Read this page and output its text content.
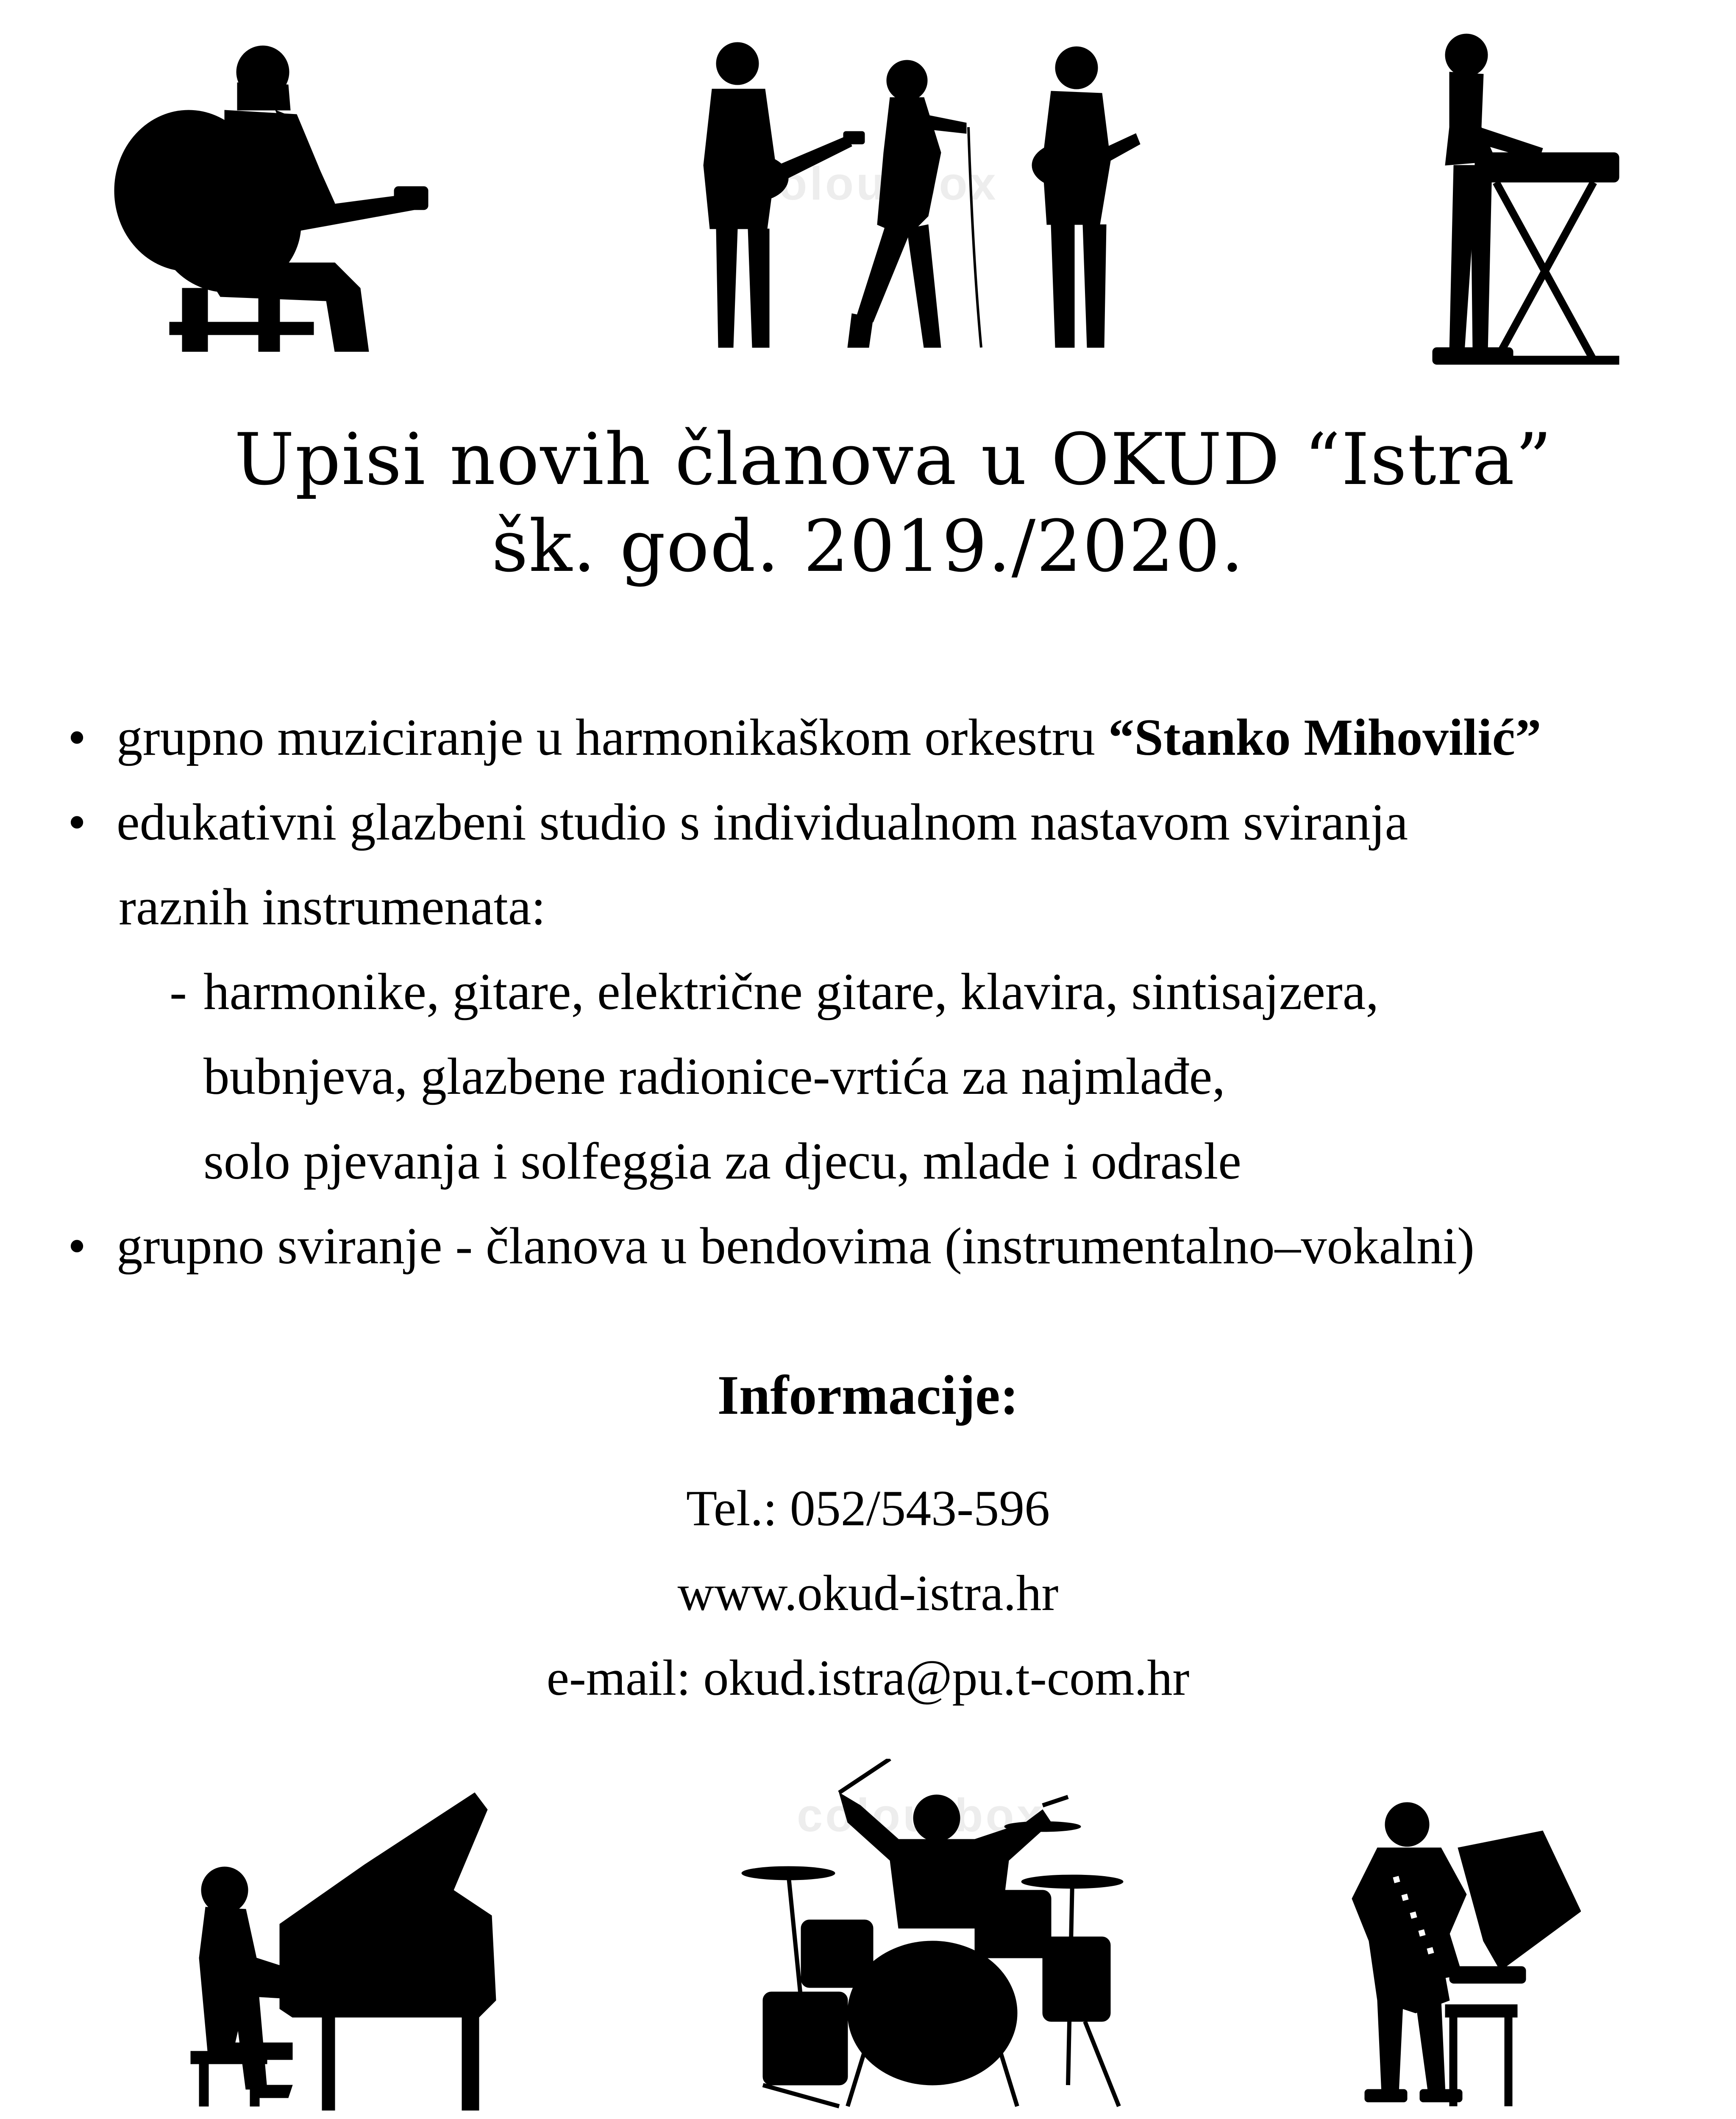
colourbox
Upisi novih članova u OKUD “Istra”
šk. god. 2019./2020.
• grupno muziciranje u harmonikaškom orkestru “Stanko Mihovilić”
• edukativni glazbeni studio s individualnom nastavom sviranja
raznih instrumenata:
- harmonike, gitare, električne gitare, klavira, sintisajzera,
bubnjeva, glazbene radionice-vrtića za najmlađe,
solo pjevanja i solfeggia za djecu, mlade i odrasle
• grupno sviranje - članova u bendovima (instrumentalno–vokalni)
Informacije:
Tel.: 052/543-596
www.okud-istra.hr
e-mail: okud.istra@pu.t-com.hr
colourbox
